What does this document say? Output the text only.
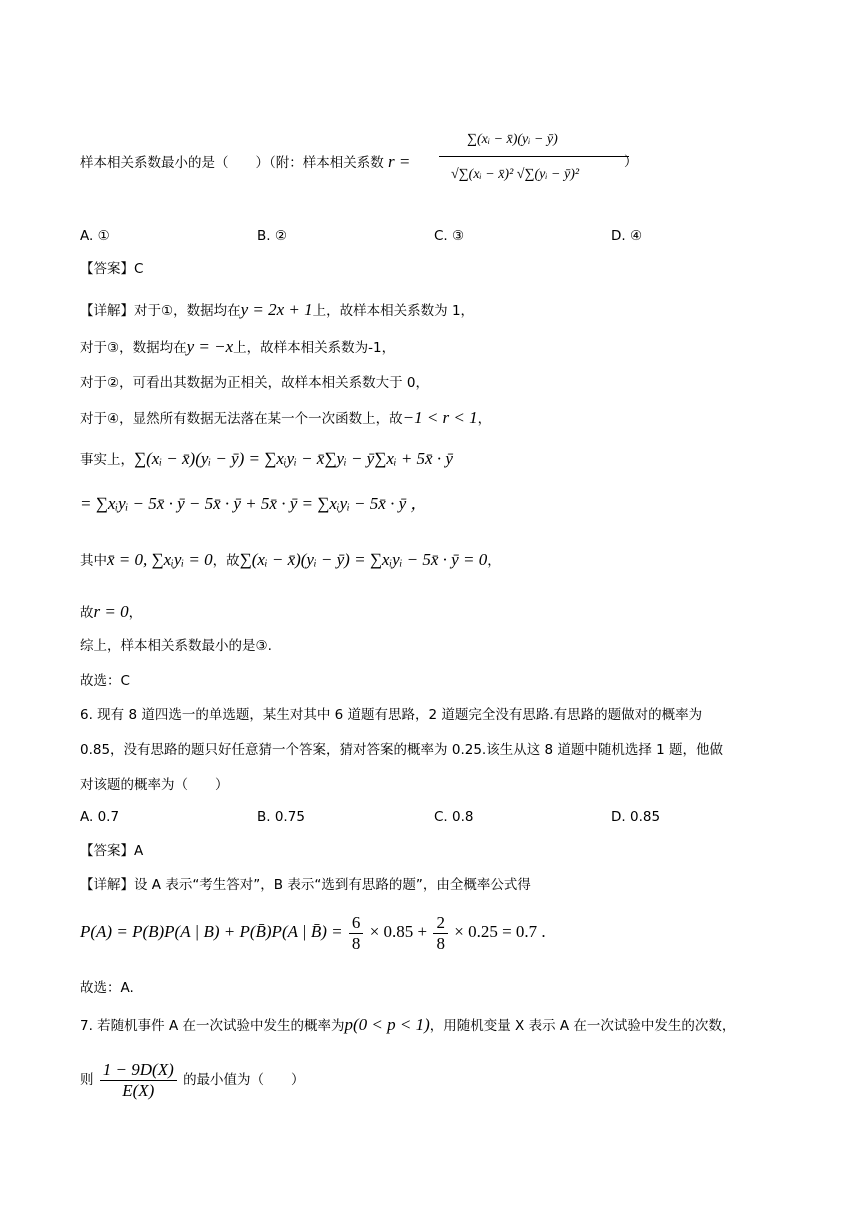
样本相关系数最小的是（　　）（附：样本相关系数 $r = \frac{\text{∑(xᵢ − x̄)(yᵢ − ȳ)}}{\text{√∑(xᵢ − x̄)² √∑(yᵢ − ȳ)²}}$
）
A. ①	B. ②	C. ③	D. ④
【答案】C
【详解】对于①，数据均在y = 2x + 1上，故样本相关系数为 1，
对于③，数据均在y = −x上，故样本相关系数为-1，
对于②，可看出其数据为正相关，故样本相关系数大于 0，
对于④，显然所有数据无法落在某一个一次函数上，故−1 < r < 1，
事实上，∑(xᵢ − x̄)(yᵢ − ȳ) = ∑xᵢyᵢ − x̄∑yᵢ − ȳ∑xᵢ + 5x̄ · ȳ
= ∑xᵢyᵢ − 5x̄ · ȳ − 5x̄ · ȳ + 5x̄ · ȳ = ∑xᵢyᵢ − 5x̄ · ȳ ，
其中x̄ = 0, ∑xᵢyᵢ = 0，故∑(xᵢ − x̄)(yᵢ − ȳ) = ∑xᵢyᵢ − 5x̄ · ȳ = 0，
故r = 0，
综上，样本相关系数最小的是③.
故选：C
6. 现有 8 道四选一的单选题，某生对其中 6 道题有思路，2 道题完全没有思路.有思路的题做对的概率为
0.85，没有思路的题只好任意猜一个答案，猜对答案的概率为 0.25.该生从这 8 道题中随机选择 1 题，他做
对该题的概率为（　　）
A. 0.7	B. 0.75	C. 0.8	D. 0.85
【答案】A
【详解】设 A 表示“考生答对”，B 表示“选到有思路的题”，由全概率公式得
P(A) = P(B)P(A | B) + P(B̄)P(A | B̄) = $\frac{6}{8} \times 0.85 + \frac{2}{8} \times 0.25 = 0.7$ .
故选：A.
7. 若随机事件 A 在一次试验中发生的概率为p(0 < p < 1)，用随机变量 X 表示 A 在一次试验中发生的次数，
则 $\frac{1 - 9D(X)}{E(X)}$ 的最小值为（　　）
